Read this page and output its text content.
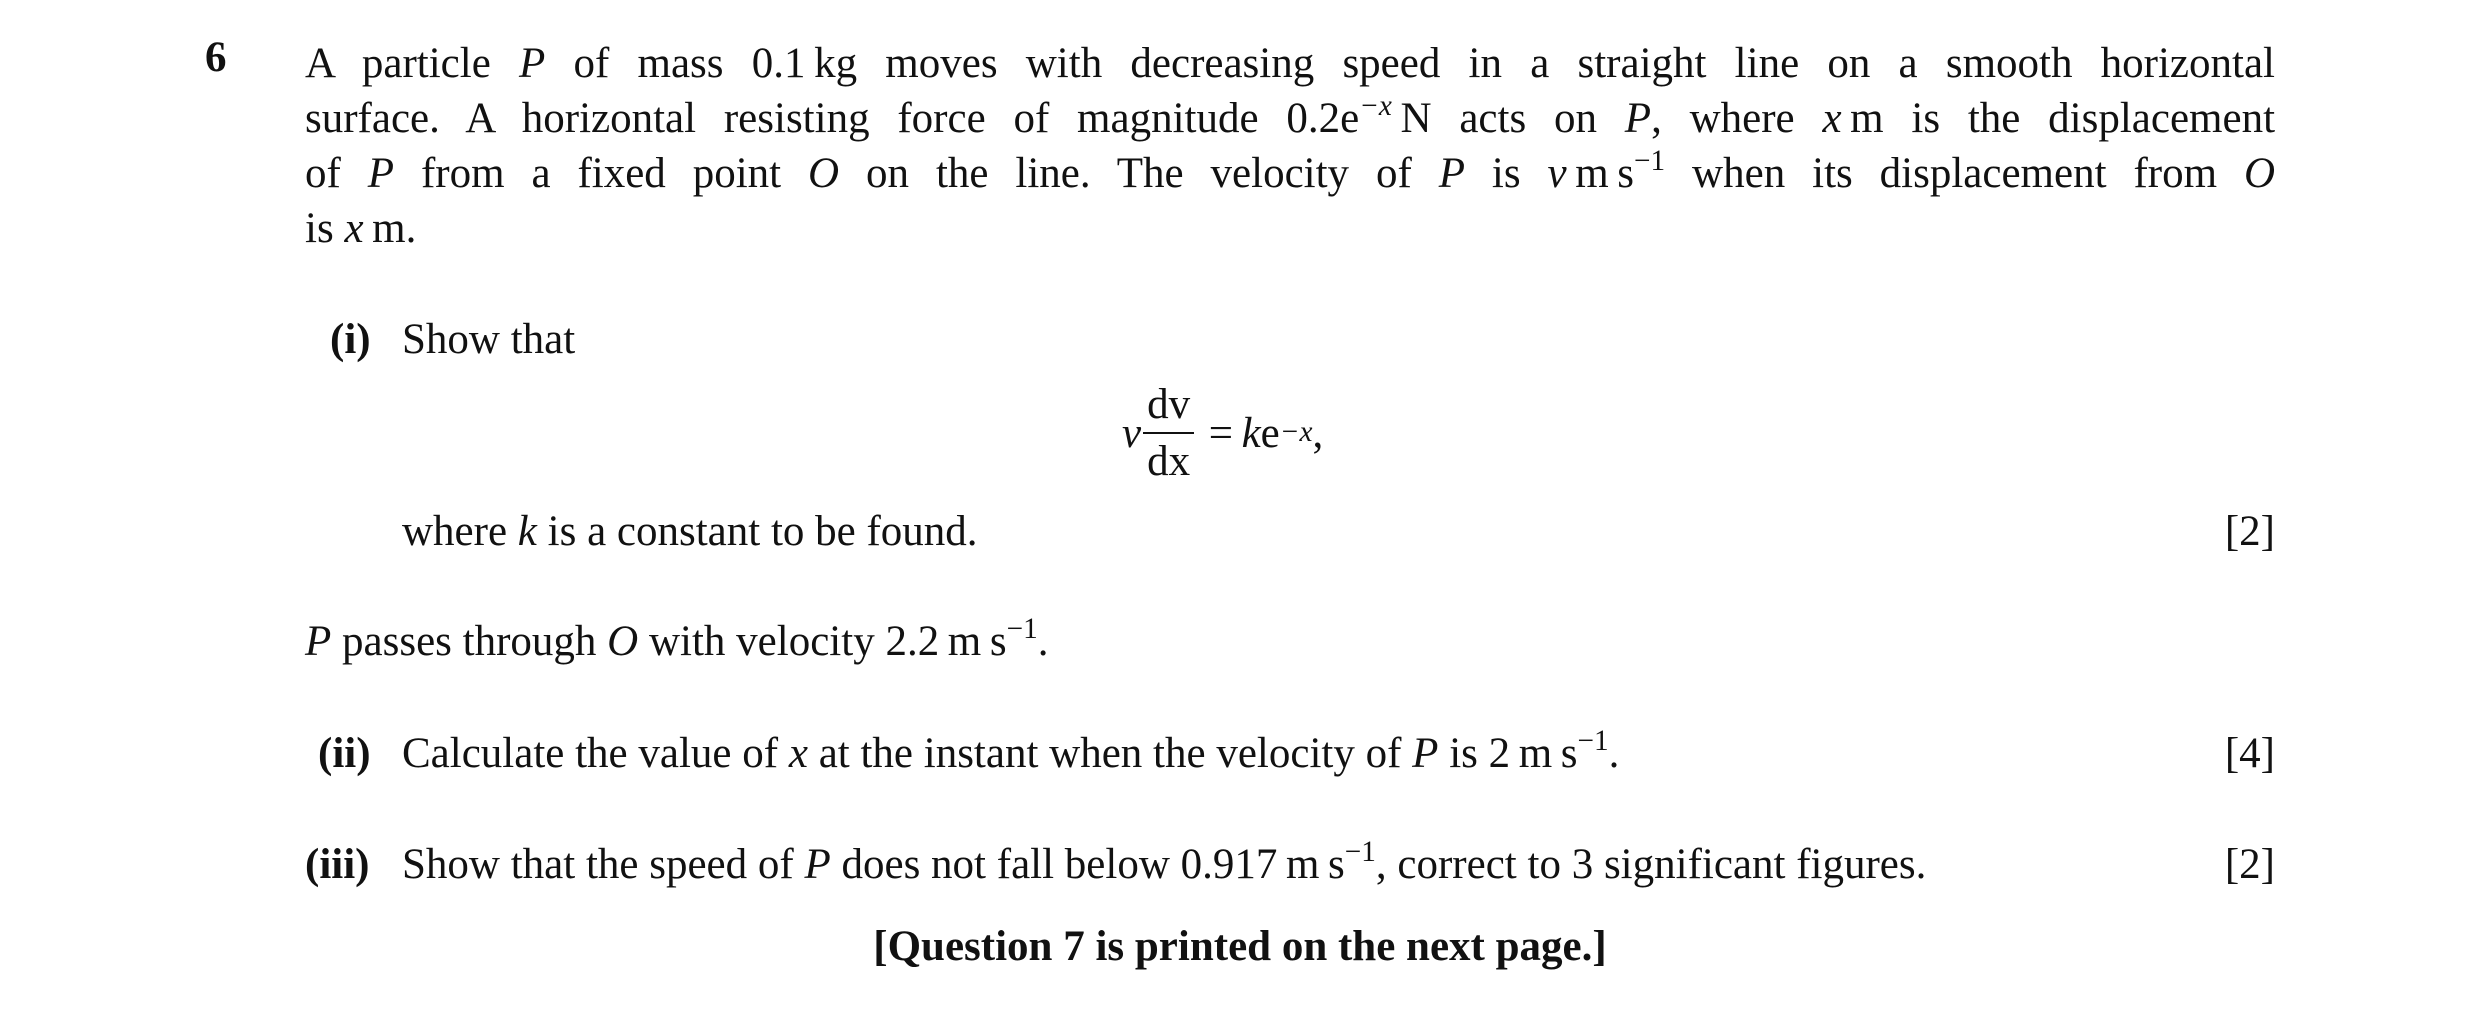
6 A particle P of mass 0.1 kg moves with decreasing speed in a straight line on a smooth horizontal
surface. A horizontal resisting force of magnitude $0.2e^{-x}$ N acts on P, where x m is the displacement
of P from a fixed point O on the line. The velocity of P is v m $s^{-1}$ when its displacement from O
is x m.
(i) Show that
v $\frac{dv}{dx} = k$ $e^{-x}$ ,
where k is a constant to be found.	[2]
P passes through O with velocity 2.2 m $s^{-1}$.
(ii) Calculate the value of x at the instant when the velocity of P is 2 m $s^{-1}$.	[4]
(iii) Show that the speed of P does not fall below 0.917 m $s^{-1}$, correct to 3 significant figures.	[2]
[Question 7 is printed on the next page.]
